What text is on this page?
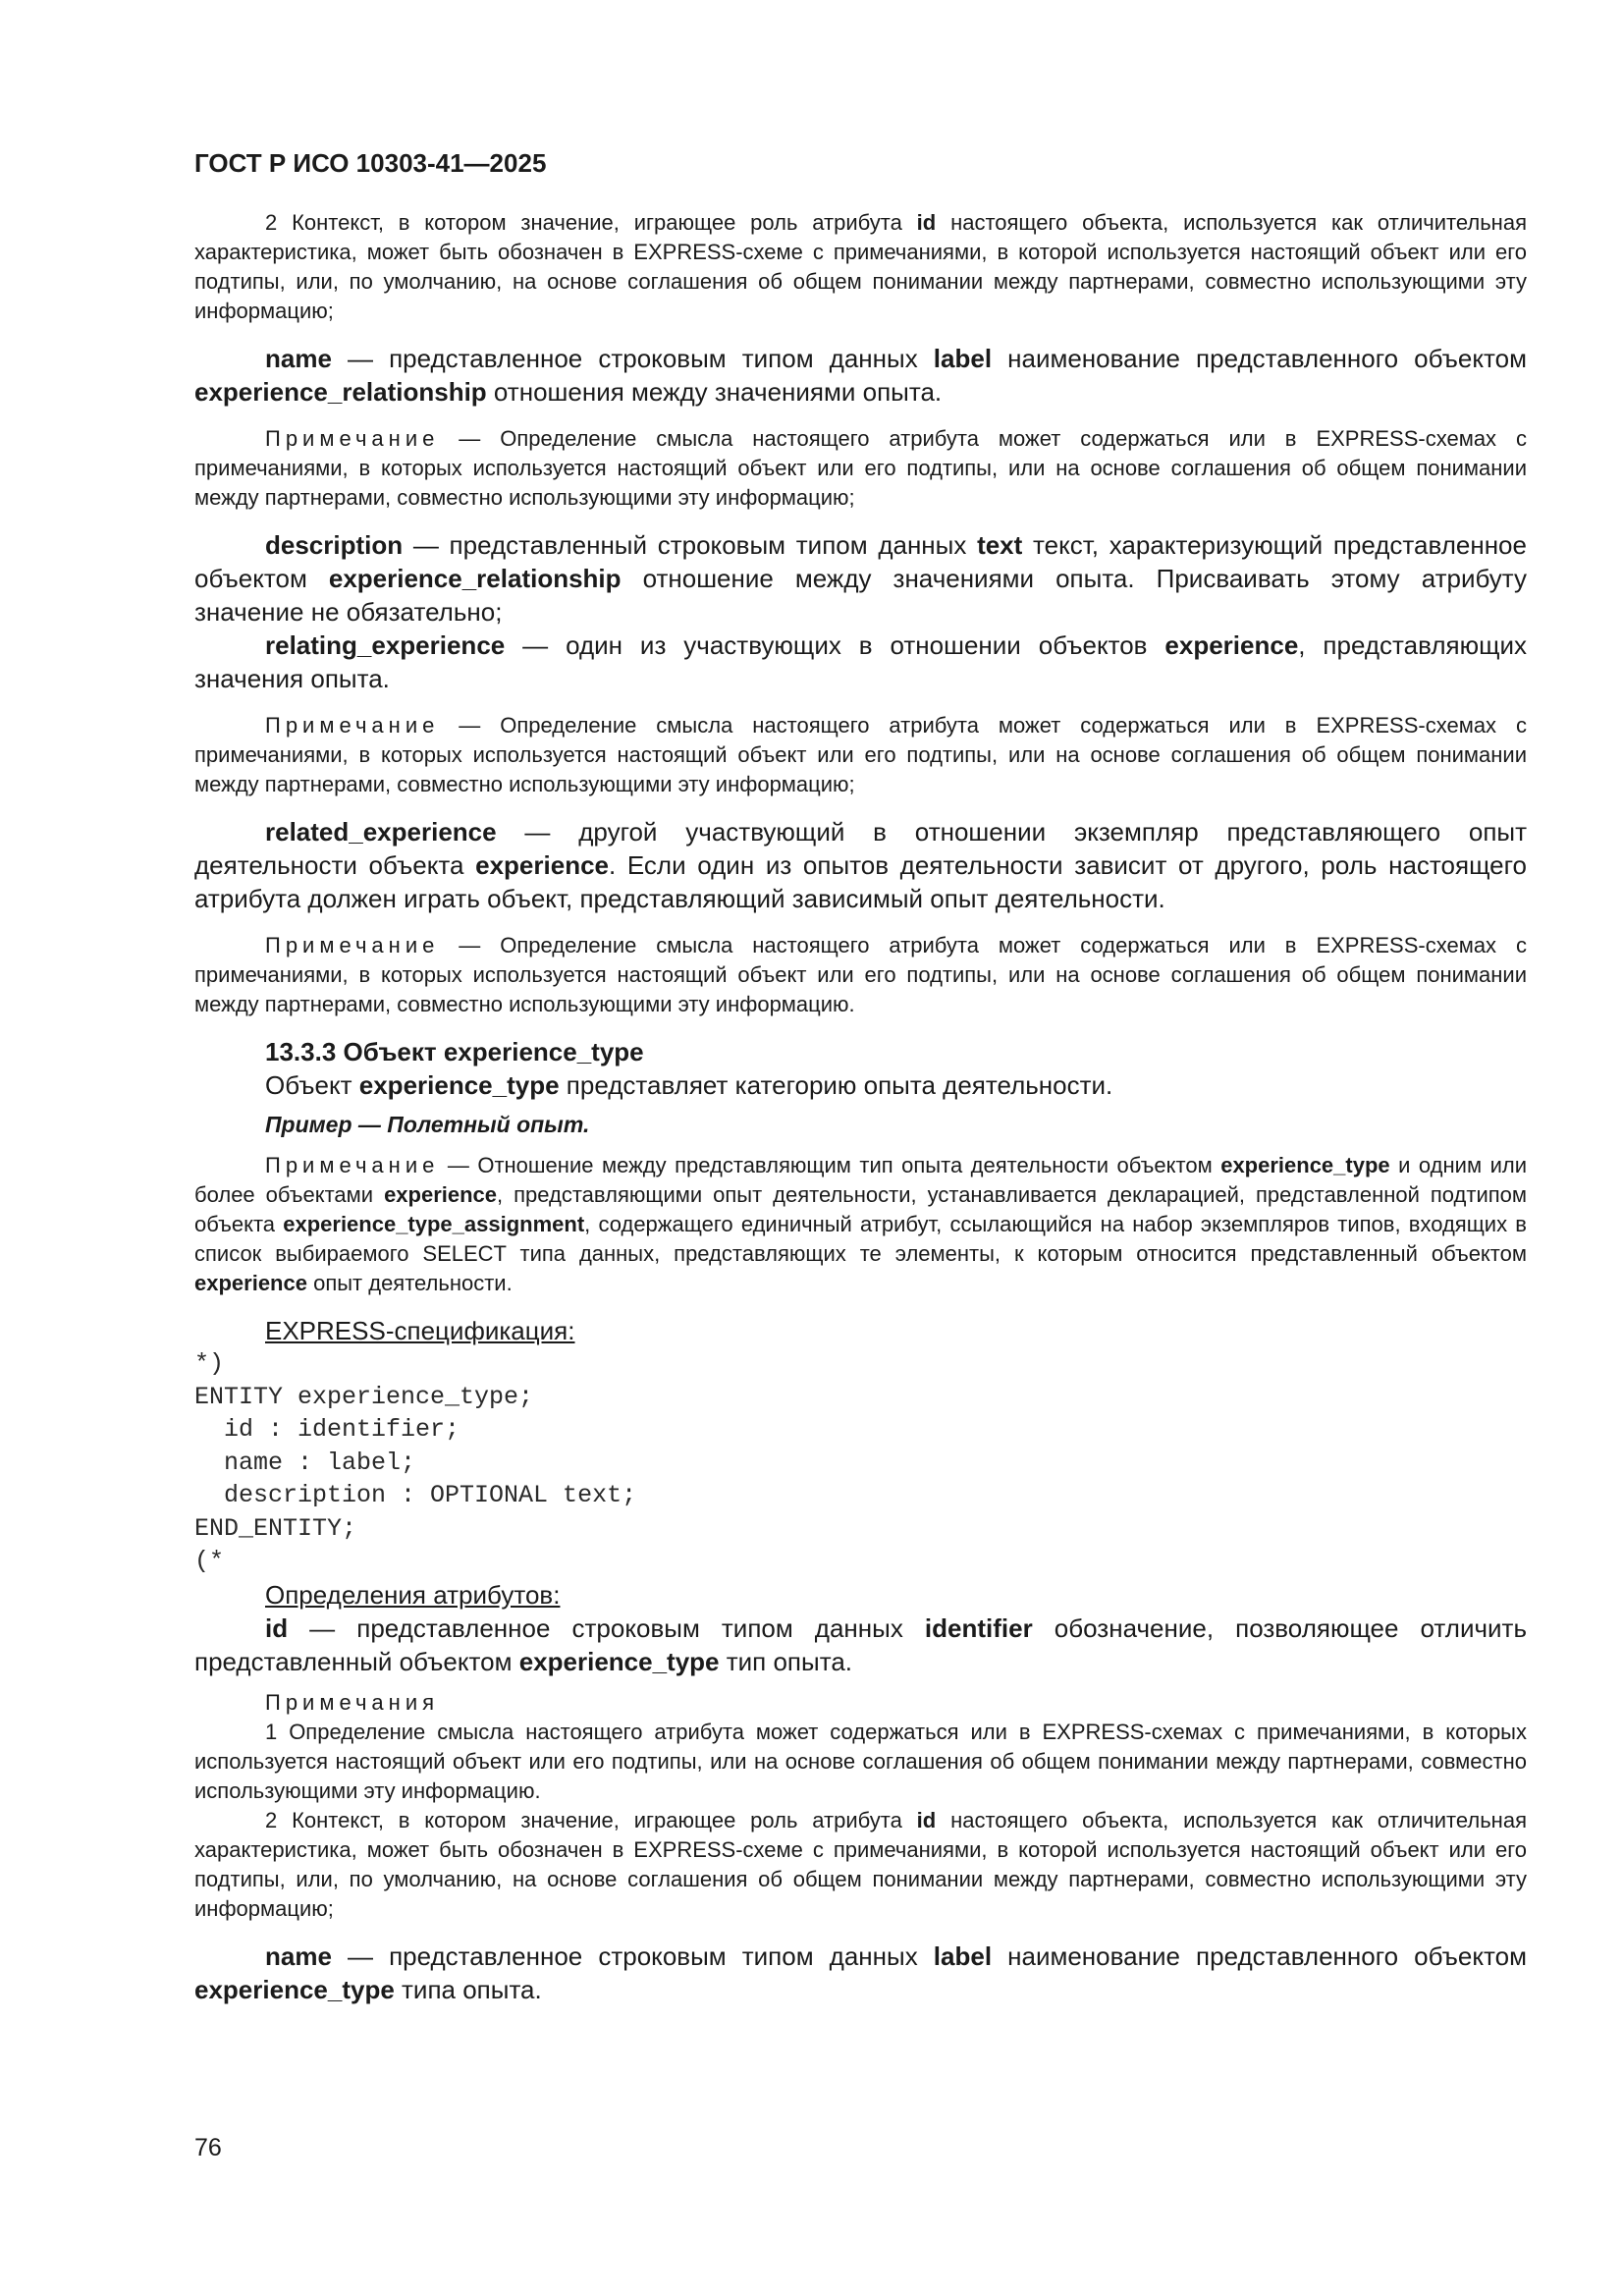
ГОСТ Р ИСО 10303-41—2025

2 Контекст, в котором значение, играющее роль атрибута id настоящего объекта, используется как отличительная характеристика, может быть обозначен в EXPRESS-схеме с примечаниями, в которой используется настоящий объект или его подтипы, или, по умолчанию, на основе соглашения об общем понимании между партнерами, совместно использующими эту информацию;

name — представленное строковым типом данных label наименование представленного объектом experience_relationship отношения между значениями опыта.

Примечание — Определение смысла настоящего атрибута может содержаться или в EXPRESS-схемах с примечаниями, в которых используется настоящий объект или его подтипы, или на основе соглашения об общем понимании между партнерами, совместно использующими эту информацию;

description — представленный строковым типом данных text текст, характеризующий представленное объектом experience_relationship отношение между значениями опыта. Присваивать этому атрибуту значение не обязательно;

relating_experience — один из участвующих в отношении объектов experience, представляющих значения опыта.

Примечание — Определение смысла настоящего атрибута может содержаться или в EXPRESS-схемах с примечаниями, в которых используется настоящий объект или его подтипы, или на основе соглашения об общем понимании между партнерами, совместно использующими эту информацию;

related_experience — другой участвующий в отношении экземпляр представляющего опыт деятельности объекта experience. Если один из опытов деятельности зависит от другого, роль настоящего атрибута должен играть объект, представляющий зависимый опыт деятельности.

Примечание — Определение смысла настоящего атрибута может содержаться или в EXPRESS-схемах с примечаниями, в которых используется настоящий объект или его подтипы, или на основе соглашения об общем понимании между партнерами, совместно использующими эту информацию.

13.3.3 Объект experience_type

Объект experience_type представляет категорию опыта деятельности.

Пример — Полетный опыт.

Примечание — Отношение между представляющим тип опыта деятельности объектом experience_type и одним или более объектами experience, представляющими опыт деятельности, устанавливается декларацией, представленной подтипом объекта experience_type_assignment, содержащего единичный атрибут, ссылающийся на набор экземпляров типов, входящих в список выбираемого SELECT типа данных, представляющих те элементы, к которым относится представленный объектом experience опыт деятельности.

EXPRESS-спецификация:

*)
ENTITY experience_type;
id : identifier;
name : label;
description : OPTIONAL text;
END_ENTITY;
(*

Определения атрибутов:

id — представленное строковым типом данных identifier обозначение, позволяющее отличить представленный объектом experience_type тип опыта.

Примечания

1 Определение смысла настоящего атрибута может содержаться или в EXPRESS-схемах с примечаниями, в которых используется настоящий объект или его подтипы, или на основе соглашения об общем понимании между партнерами, совместно использующими эту информацию.

2 Контекст, в котором значение, играющее роль атрибута id настоящего объекта, используется как отличительная характеристика, может быть обозначен в EXPRESS-схеме с примечаниями, в которой используется настоящий объект или его подтипы, или, по умолчанию, на основе соглашения об общем понимании между партнерами, совместно использующими эту информацию;

name — представленное строковым типом данных label наименование представленного объектом experience_type типа опыта.

76
